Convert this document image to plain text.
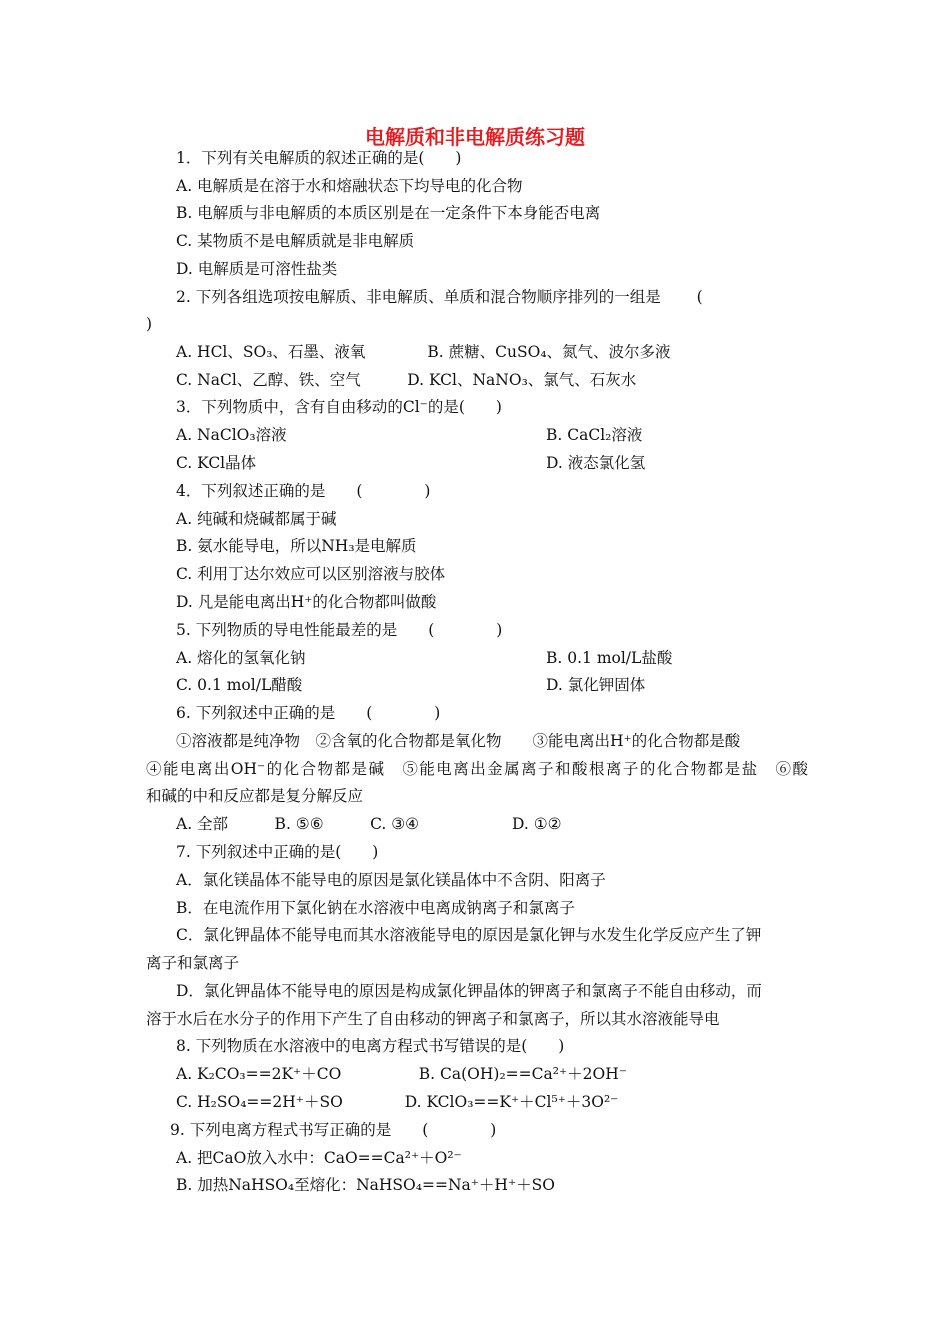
电解质和非电解质练习题
1．下列有关电解质的叙述正确的是(　　)
A. 电解质是在溶于水和熔融状态下均导电的化合物
B. 电解质与非电解质的本质区别是在一定条件下本身能否电离
C. 某物质不是电解质就是非电解质
D. 电解质是可溶性盐类
2. 下列各组选项按电解质、非电解质、单质和混合物顺序排列的一组是 　　(
)
A. HCl、SO₃、石墨、液氧　　　　B. 蔗糖、CuSO₄、氮气、波尔多液
C. NaCl、乙醇、铁、空气　　　D. KCl、NaNO₃、氯气、石灰水
3．下列物质中，含有自由移动的Cl⁻的是(　　)
A. NaClO₃溶液	B. CaCl₂溶液
C. KCl晶体	D. 液态氯化氢
4．下列叙述正确的是　　(　　　　)
A. 纯碱和烧碱都属于碱
B. 氨水能导电，所以NH₃是电解质
C. 利用丁达尔效应可以区别溶液与胶体
D. 凡是能电离出H⁺的化合物都叫做酸
5. 下列物质的导电性能最差的是　　(　　　　)
A. 熔化的氢氧化钠	B. 0.1 mol/L盐酸
C. 0.1 mol/L醋酸	D. 氯化钾固体
6. 下列叙述中正确的是　　(　　　　)
①溶液都是纯净物　②含氧的化合物都是氧化物　　③能电离出H⁺的化合物都是酸
④能电离出OH⁻的化合物都是碱　⑤能电离出金属离子和酸根离子的化合物都是盐　⑥酸
和碱的中和反应都是复分解反应
A. 全部　　　B. ⑤⑥　　　C. ③④　　　　　　D. ①②
7. 下列叙述中正确的是(　　)
A．氯化镁晶体不能导电的原因是氯化镁晶体中不含阴、阳离子
B．在电流作用下氯化钠在水溶液中电离成钠离子和氯离子
C．氯化钾晶体不能导电而其水溶液能导电的原因是氯化钾与水发生化学反应产生了钾
离子和氯离子
D．氯化钾晶体不能导电的原因是构成氯化钾晶体的钾离子和氯离子不能自由移动，而
溶于水后在水分子的作用下产生了自由移动的钾离子和氯离子，所以其水溶液能导电
8. 下列物质在水溶液中的电离方程式书写错误的是(　　)
A. K₂CO₃==2K⁺＋CO　　　　　B. Ca(OH)₂==Ca²⁺＋2OH⁻
C. H₂SO₄==2H⁺＋SO　　　　D. KClO₃==K⁺＋Cl⁵⁺＋3O²⁻
9. 下列电离方程式书写正确的是　　(　　　　)
A. 把CaO放入水中：CaO==Ca²⁺＋O²⁻
B. 加热NaHSO₄至熔化：NaHSO₄==Na⁺＋H⁺＋SO
